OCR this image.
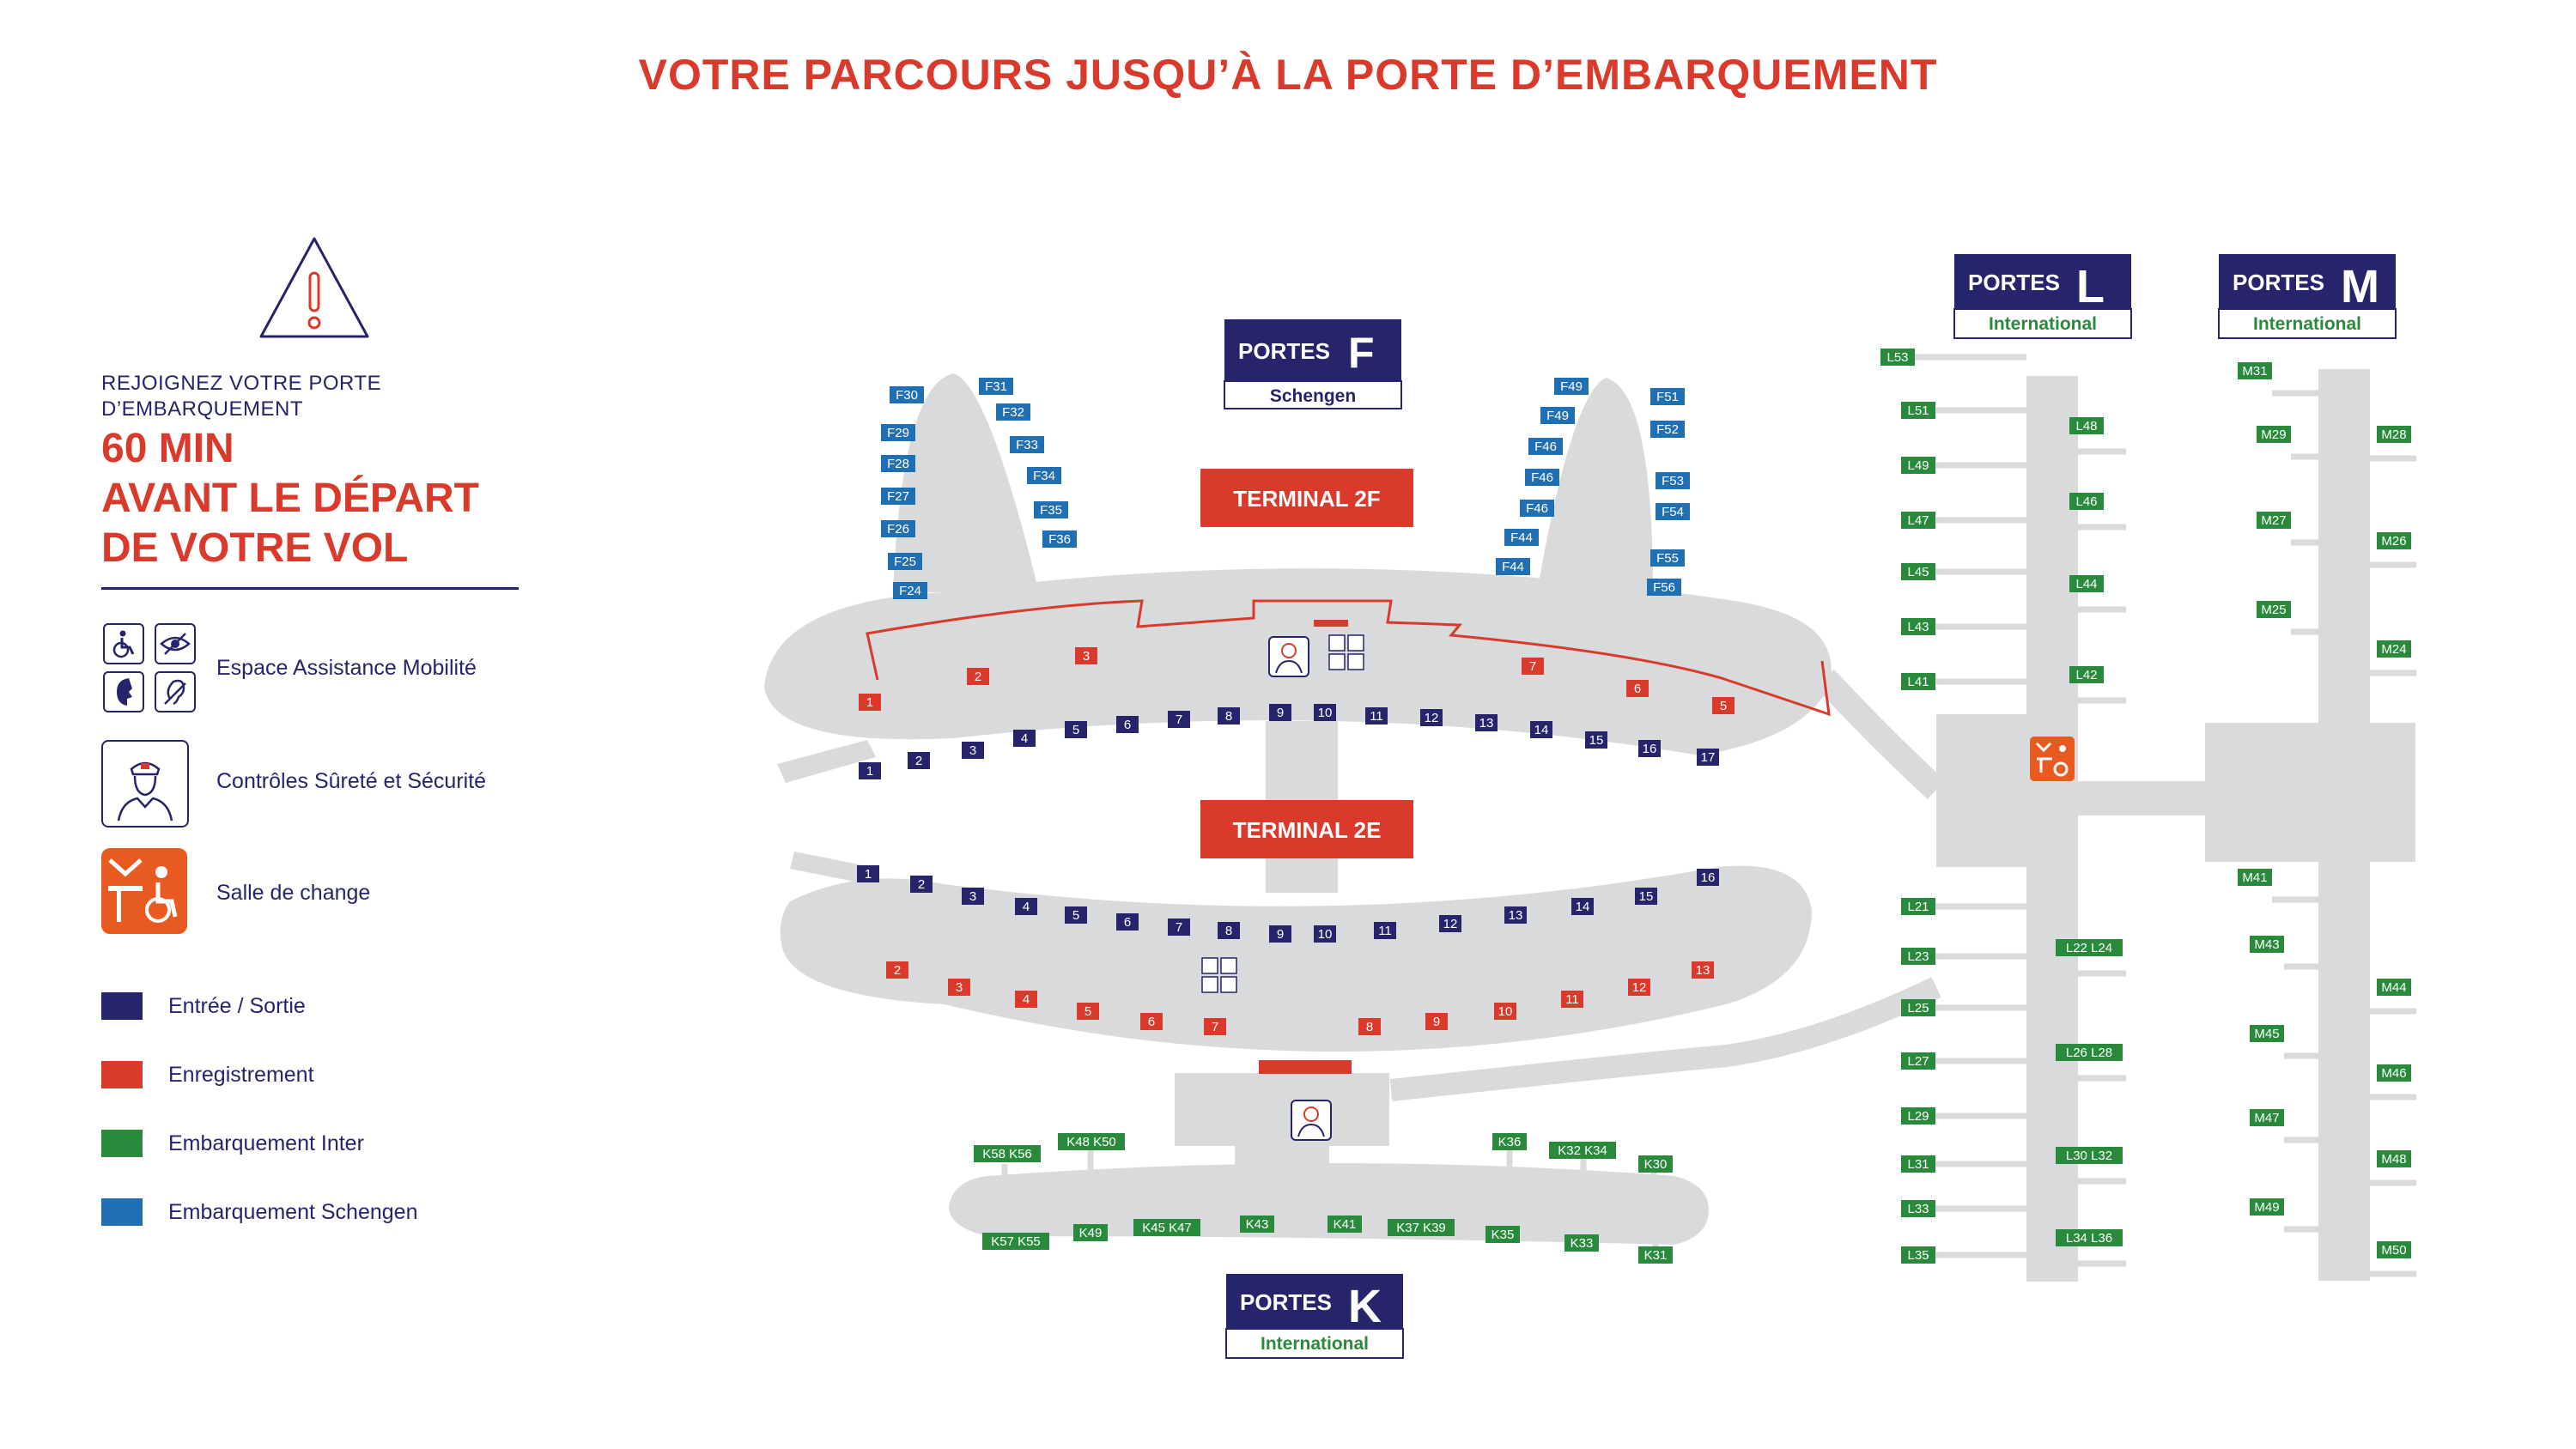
VOTRE PARCOURS JUSQU’À LA PORTE D’EMBARQUEMENT
REJOIGNEZ VOTRE PORTE
D’EMBARQUEMENT
60 MIN
AVANT LE DÉPART
DE VOTRE VOL
Espace Assistance Mobilité
Contrôles Sûreté et Sécurité
Salle de change
Entrée / Sortie
Enregistrement
Embarquement Inter
Embarquement Schengen
F30
F31
F29
F32
F28
F33
F27
F34
F26
F35
F25
F36
F24
F49
F51
F49
F52
F46
F46	F53
F46	F54
F44
F55
F44
F56
1
2
3
4
5	6	7	8	9	10	11	12	13	14
15
16
17
1
2
3
7
6
5
1
2
3
4
5	6	7	8	9	10	11	12
13
14
15
16
2
3
4
5
6	7	8	9
10
11
12
13
K58 K56
K48 K50	K36
K32 K34
K30
K57 K55
K49	K45 K47	K43	K41	K37 K39	K35
K33
K31
L53
L51
L49
L47
L45
L43
L41
L21
L23
L25
L27
L29
L31
L33
L35
L48
L46
L44
L42
L22 L24
L26 L28
L30 L32
L34 L36
M31
M29
M27
M25
M41
M43
M45
M47
M49
M28
M26
M24
M44
M46
M48
M50
TERMINAL 2F
TERMINAL 2E
PORTES F
Schengen
PORTES L
International
PORTES M
International
PORTES K
International
